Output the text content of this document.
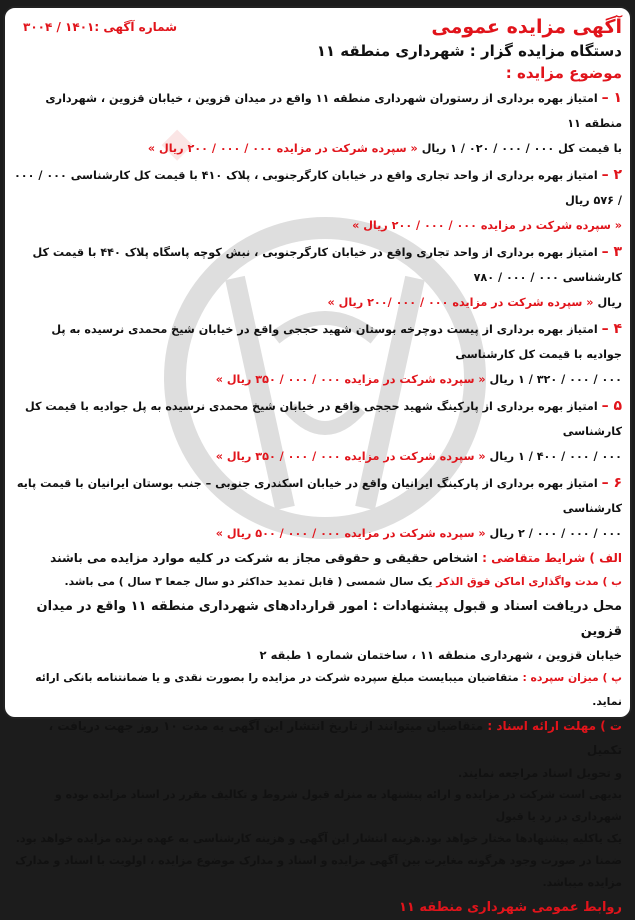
آگهی مزایده عمومی
شماره آگهی :۱۴۰۱ / ۳۰۰۴
دستگاه مزایده گزار : شهرداری منطقه ۱۱
موضوع مزایده :
۱ – امتیاز بهره برداری از رستوران شهرداری منطقه ۱۱ واقع در میدان قزوین ، خیابان قزوین ، شهرداری منطقه ۱۱
با قیمت کل ۰۰۰ / ۰۰۰ / ۰۲۰ / ۱ ریال « سپرده شرکت در مزایده ۰۰۰ / ۰۰۰ / ۲۰۰ ریال »
۲ – امتیاز بهره برداری از واحد تجاری واقع در خیابان کارگرجنوبی ، پلاک ۴۱۰ با قیمت کل کارشناسی ۰۰۰ / ۰۰۰ / ۵۷۶ ریال
« سپرده شرکت در مزایده ۰۰۰ / ۰۰۰ / ۲۰۰ ریال »
۳ – امتیاز بهره برداری از واحد تجاری واقع در خیابان کارگرجنوبی ، نبش کوچه پاسگاه پلاک ۴۴۰ با قیمت کل کارشناسی ۰۰۰ / ۰۰۰ / ۷۸۰
ریال « سپرده شرکت در مزایده ۰۰۰ / ۰۰۰ /۲۰۰ ریال »
۴ – امتیاز بهره برداری از پیست دوچرخه بوستان شهید حججی واقع در خیابان شیخ محمدی نرسیده به پل جوادیه با قیمت کل کارشناسی
۰۰۰ / ۰۰۰ / ۳۲۰ / ۱ ریال « سپرده شرکت در مزایده ۰۰۰ / ۰۰۰ / ۳۵۰ ریال »
۵ – امتیاز بهره برداری از پارکینگ شهید حججی واقع در خیابان شیخ محمدی نرسیده به پل جوادیه با قیمت کل کارشناسی
۰۰۰ / ۰۰۰ / ۴۰۰ / ۱ ریال « سپرده شرکت در مزایده ۰۰۰ / ۰۰۰ / ۳۵۰ ریال »
۶ – امتیاز بهره برداری از پارکینگ ایرانیان واقع در خیابان اسکندری جنوبی – جنب بوستان ایرانیان با قیمت پایه کارشناسی
۰۰۰ / ۰۰۰ / ۰۰۰ / ۲ ریال « سپرده شرکت در مزایده ۰۰۰ / ۰۰۰ / ۵۰۰ ریال »
الف ) شرایط متقاضی : اشخاص حقیقی و حقوقی مجاز به شرکت در کلیه موارد مزایده می باشند
ب ) مدت واگذاری اماکن فوق الذکر یک سال شمسی ( قابل تمدید حداکثر دو سال جمعا ۳ سال ) می باشد.
محل دریافت اسناد و قبول پیشنهادات : امور قراردادهای شهرداری منطقه ۱۱ واقع در میدان قزوین
خیابان قزوین ، شهرداری منطقه ۱۱ ، ساختمان شماره ۱ طبقه ۲
پ ) میزان سپرده : متقاضیان میبایست مبلغ سپرده شرکت در مزایده را بصورت نقدی و یا ضمانتنامه بانکی ارائه نماید.
ت ) مهلت ارائه اسناد : متقاضیان میتوانند از تاریخ انتشار این آگهی به مدت ۱۰ روز جهت دریافت ، تکمیل
و تحویل اسناد مراجعه نمایند.
بدیهی است شرکت در مزایده و ارائه پیشنهاد به منزله قبول شروط و تکالیف مقرر در اسناد مزایده بوده و شهرداری در رد یا قبول
یک یاکلیه پیشنهادها مختار خواهد بود.هزینه انتشار این آگهی و هزینه کارشناسی به عهده برنده مزایده خواهد بود.
ضمنا در صورت وجود هرگونه مغایرت بین آگهی مزایده و اسناد و مدارک موضوع مزایده ، اولویت با اسناد و مدارک مزایده میباشد.
روابط عمومی شهرداری منطقه ۱۱
